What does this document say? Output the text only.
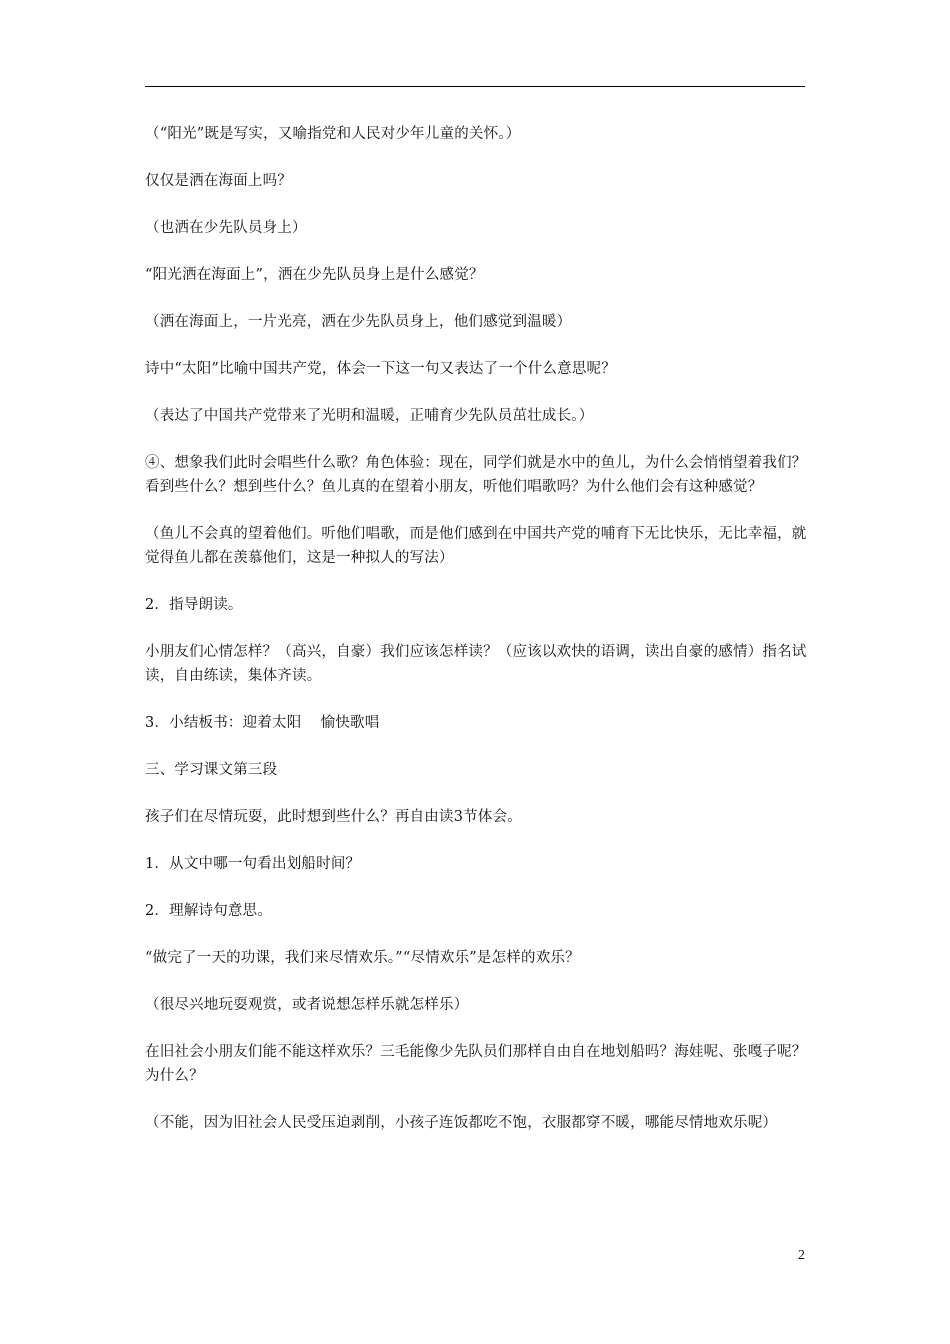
（“阳光”既是写实，又喻指党和人民对少年儿童的关怀。）

仅仅是洒在海面上吗？

（也洒在少先队员身上）

“阳光洒在海面上”，洒在少先队员身上是什么感觉？

（洒在海面上，一片光亮，洒在少先队员身上，他们感觉到温暖）

诗中“太阳”比喻中国共产党，体会一下这一句又表达了一个什么意思呢？

（表达了中国共产党带来了光明和温暖，正哺育少先队员茁壮成长。）

④、想象我们此时会唱些什么歌？角色体验：现在，同学们就是水中的鱼儿，为什么会悄悄望着我们？看到些什么？想到些什么？鱼儿真的在望着小朋友，听他们唱歌吗？为什么他们会有这种感觉？

（鱼儿不会真的望着他们。听他们唱歌，而是他们感到在中国共产党的哺育下无比快乐，无比幸福，就觉得鱼儿都在羡慕他们，这是一种拟人的写法）

2．指导朗读。

小朋友们心情怎样？（高兴，自豪）我们应该怎样读？（应该以欢快的语调，读出自豪的感情）指名试读，自由练读，集体齐读。

3．小结板书：迎着太阳    愉快歌唱

三、学习课文第三段

孩子们在尽情玩耍，此时想到些什么？再自由读3节体会。

1．从文中哪一句看出划船时间？

2．理解诗句意思。

“做完了一天的功课，我们来尽情欢乐。”“尽情欢乐”是怎样的欢乐？

（很尽兴地玩耍观赏，或者说想怎样乐就怎样乐）

在旧社会小朋友们能不能这样欢乐？三毛能像少先队员们那样自由自在地划船吗？海娃呢、张嘎子呢？为什么？

（不能，因为旧社会人民受压迫剥削，小孩子连饭都吃不饱，衣服都穿不暖，哪能尽情地欢乐呢）

2
